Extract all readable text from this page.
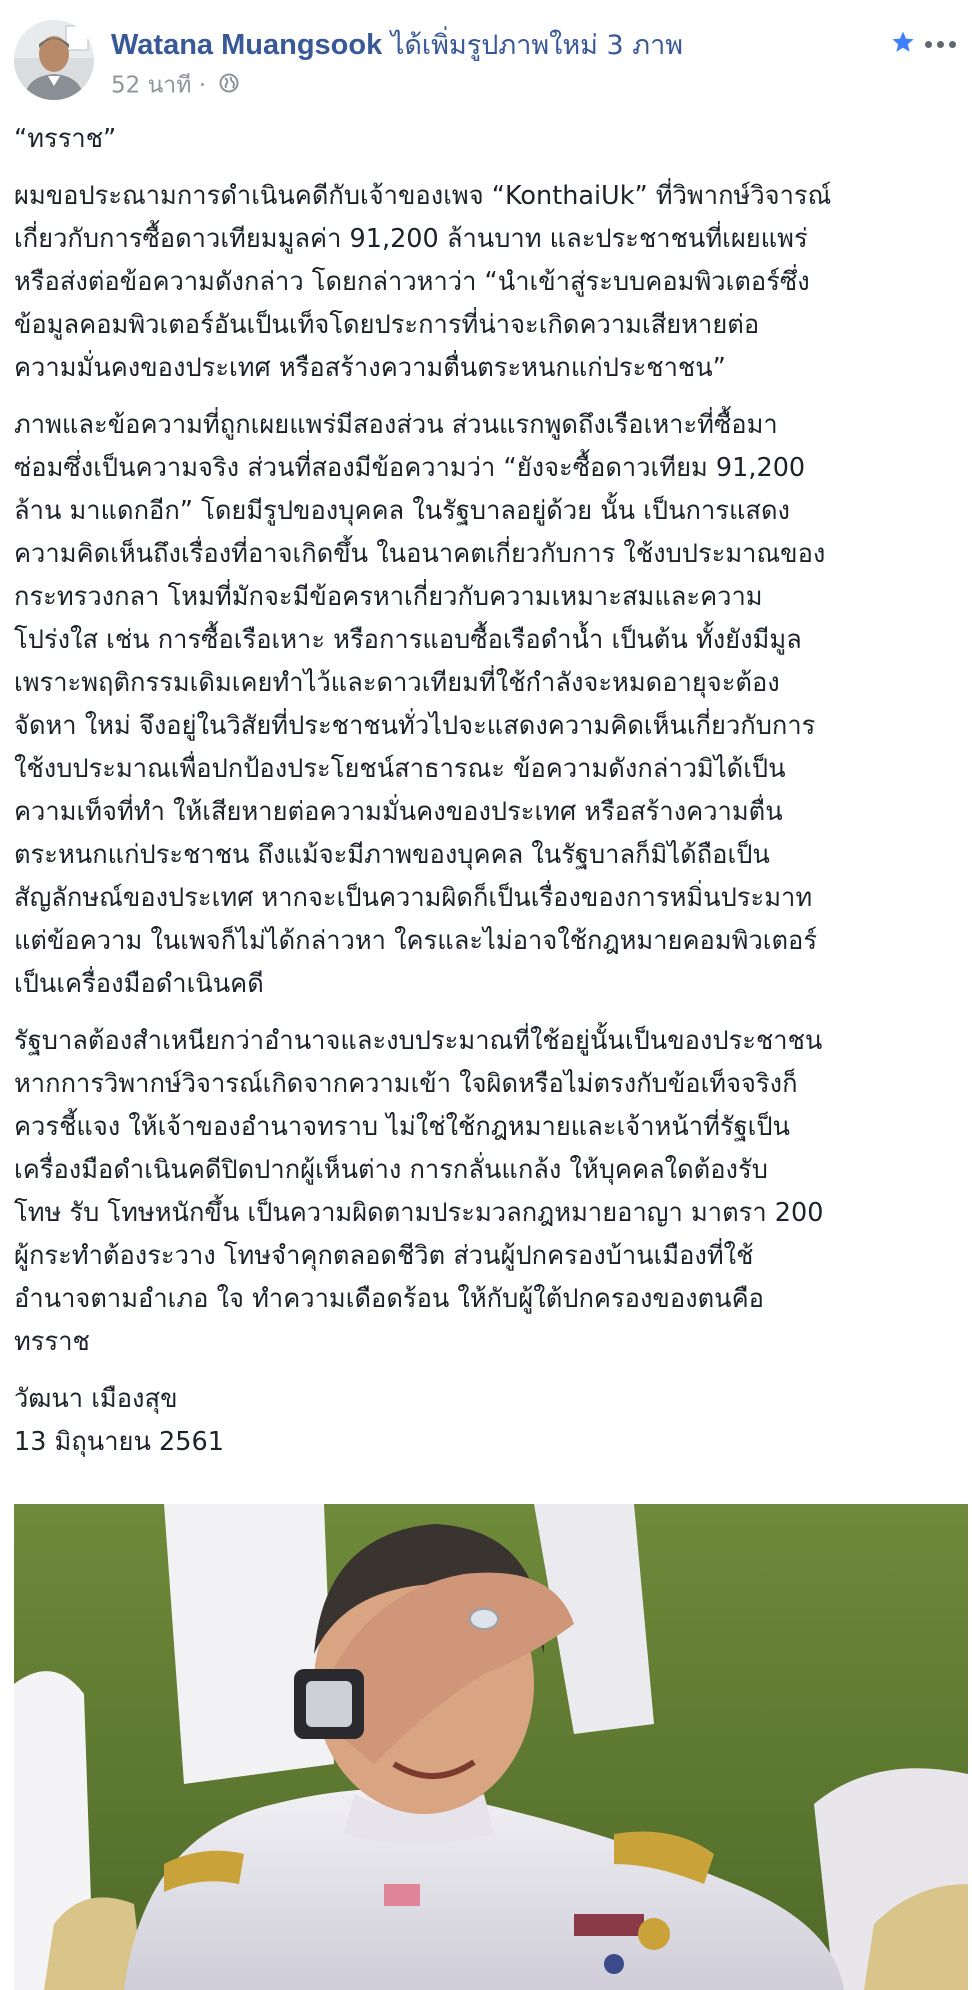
Watana Muangsook ได้เพิ่มรูปภาพใหม่ 3 ภาพ
52 นาที ·

“ทรราช”

ผมขอประณามการดำเนินคดีกับเจ้าของเพจ “KonthaiUk” ที่วิพากษ์วิจารณ์
เกี่ยวกับการซื้อดาวเทียมมูลค่า 91,200 ล้านบาท และประชาชนที่เผยแพร่
หรือส่งต่อข้อความดังกล่าว โดยกล่าวหาว่า “นำเข้าสู่ระบบคอมพิวเตอร์ซึ่ง
ข้อมูลคอมพิวเตอร์อันเป็นเท็จโดยประการที่น่าจะเกิดความเสียหายต่อ
ความมั่นคงของประเทศ หรือสร้างความตื่นตระหนกแก่ประชาชน”

ภาพและข้อความที่ถูกเผยแพร่มีสองส่วน ส่วนแรกพูดถึงเรือเหาะที่ซื้อมา
ซ่อมซึ่งเป็นความจริง ส่วนที่สองมีข้อความว่า “ยังจะซื้อดาวเทียม 91,200
ล้าน มาแดกอีก” โดยมีรูปของบุคคล ในรัฐบาลอยู่ด้วย นั้น เป็นการแสดง
ความคิดเห็นถึงเรื่องที่อาจเกิดขึ้น ในอนาคตเกี่ยวกับการ ใช้งบประมาณของ
กระทรวงกลา โหมที่มักจะมีข้อครหาเกี่ยวกับความเหมาะสมและความ
โปร่งใส เช่น การซื้อเรือเหาะ หรือการแอบซื้อเรือดำน้ำ เป็นต้น ทั้งยังมีมูล
เพราะพฤติกรรมเดิมเคยทำไว้และดาวเทียมที่ใช้กำลังจะหมดอายุจะต้อง
จัดหา ใหม่ จึงอยู่ในวิสัยที่ประชาชนทั่วไปจะแสดงความคิดเห็นเกี่ยวกับการ
ใช้งบประมาณเพื่อปกป้องประโยชน์สาธารณะ ข้อความดังกล่าวมิได้เป็น
ความเท็จที่ทำ ให้เสียหายต่อความมั่นคงของประเทศ หรือสร้างความตื่น
ตระหนกแก่ประชาชน ถึงแม้จะมีภาพของบุคคล ในรัฐบาลก็มิได้ถือเป็น
สัญลักษณ์ของประเทศ หากจะเป็นความผิดก็เป็นเรื่องของการหมิ่นประมาท
แต่ข้อความ ในเพจก็ไม่ได้กล่าวหา ใครและไม่อาจใช้กฎหมายคอมพิวเตอร์
เป็นเครื่องมือดำเนินคดี

รัฐบาลต้องสำเหนียกว่าอำนาจและงบประมาณที่ใช้อยู่นั้นเป็นของประชาชน
หากการวิพากษ์วิจารณ์เกิดจากความเข้า ใจผิดหรือไม่ตรงกับข้อเท็จจริงก็
ควรชี้แจง ให้เจ้าของอำนาจทราบ ไม่ใช่ใช้กฎหมายและเจ้าหน้าที่รัฐเป็น
เครื่องมือดำเนินคดีปิดปากผู้เห็นต่าง การกลั่นแกล้ง ให้บุคคลใดต้องรับ
โทษ รับ โทษหนักขึ้น เป็นความผิดตามประมวลกฎหมายอาญา มาตรา 200
ผู้กระทำต้องระวาง โทษจำคุกตลอดชีวิต ส่วนผู้ปกครองบ้านเมืองที่ใช้
อำนาจตามอำเภอ ใจ ทำความเดือดร้อน ให้กับผู้ใต้ปกครองของตนคือ
ทรราช

วัฒนา เมืองสุข
13 มิถุนายน 2561
